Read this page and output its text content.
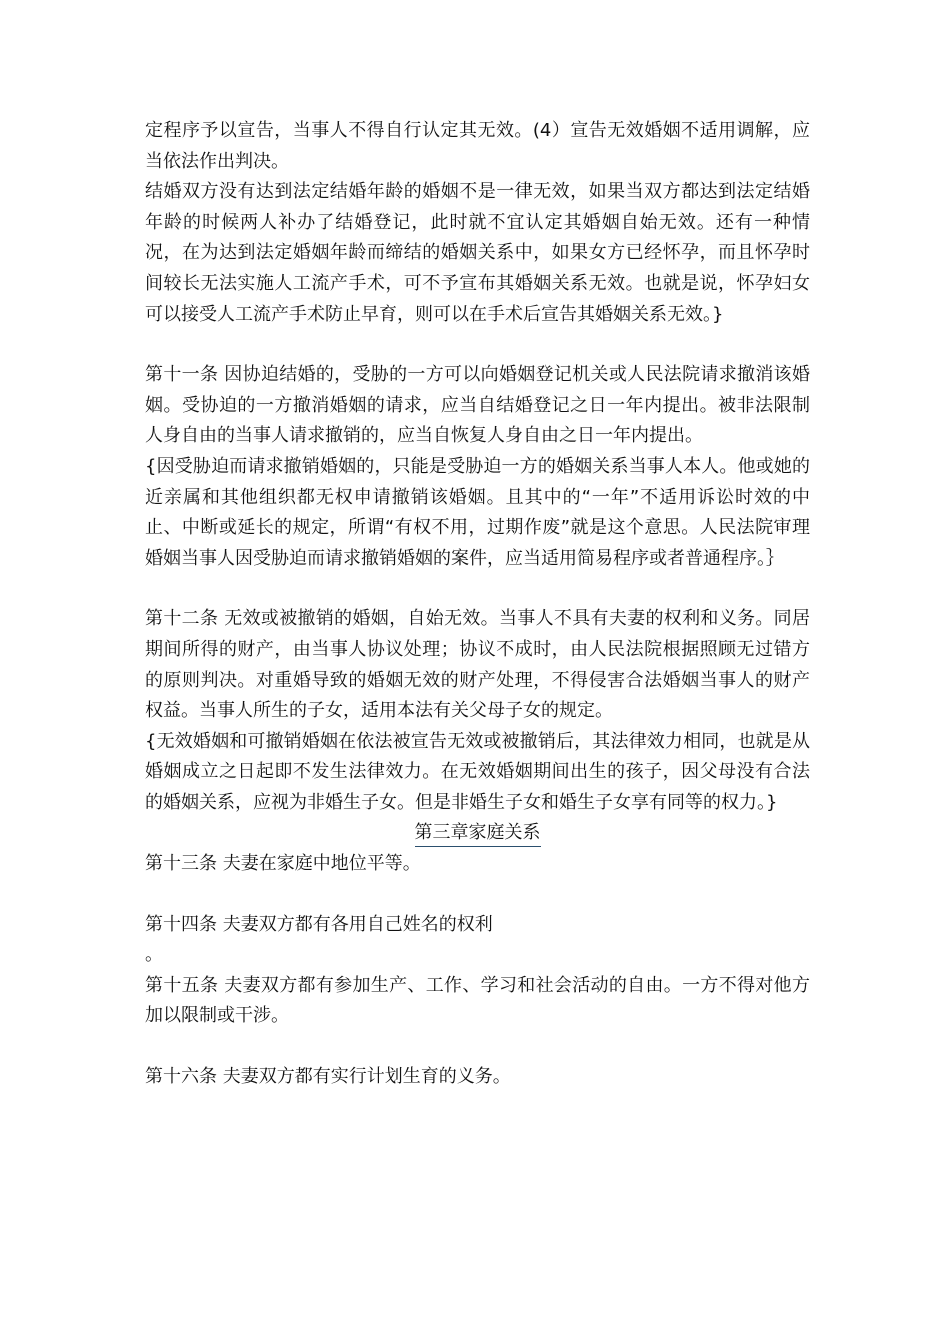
定程序予以宣告，当事人不得自行认定其无效。(4）宣告无效婚姻不适用调解，应当依法作出判决。

结婚双方没有达到法定结婚年龄的婚姻不是一律无效，如果当双方都达到法定结婚年龄的时候两人补办了结婚登记，此时就不宜认定其婚姻自始无效。还有一种情况，在为达到法定婚姻年龄而缔结的婚姻关系中，如果女方已经怀孕，而且怀孕时间较长无法实施人工流产手术，可不予宣布其婚姻关系无效。也就是说，怀孕妇女可以接受人工流产手术防止早育，则可以在手术后宣告其婚姻关系无效。}

第十一条 因协迫结婚的，受胁的一方可以向婚姻登记机关或人民法院请求撤消该婚姻。受协迫的一方撤消婚姻的请求，应当自结婚登记之日一年内提出。被非法限制人身自由的当事人请求撤销的，应当自恢复人身自由之日一年内提出。

{因受胁迫而请求撤销婚姻的，只能是受胁迫一方的婚姻关系当事人本人。他或她的近亲属和其他组织都无权申请撤销该婚姻。且其中的“一年”不适用诉讼时效的中止、中断或延长的规定，所谓“有权不用，过期作废”就是这个意思。人民法院审理婚姻当事人因受胁迫而请求撤销婚姻的案件，应当适用简易程序或者普通程序。｝

第十二条 无效或被撤销的婚姻，自始无效。当事人不具有夫妻的权利和义务。同居期间所得的财产，由当事人协议处理；协议不成时，由人民法院根据照顾无过错方的原则判决。对重婚导致的婚姻无效的财产处理，不得侵害合法婚姻当事人的财产权益。当事人所生的子女，适用本法有关父母子女的规定。

{无效婚姻和可撤销婚姻在依法被宣告无效或被撤销后，其法律效力相同，也就是从婚姻成立之日起即不发生法律效力。在无效婚姻期间出生的孩子，因父母没有合法的婚姻关系，应视为非婚生子女。但是非婚生子女和婚生子女享有同等的权力。}

第三章家庭关系

第十三条 夫妻在家庭中地位平等。

第十四条 夫妻双方都有各用自己姓名的权利

。

第十五条 夫妻双方都有参加生产、工作、学习和社会活动的自由。一方不得对他方加以限制或干涉。

第十六条 夫妻双方都有实行计划生育的义务。
